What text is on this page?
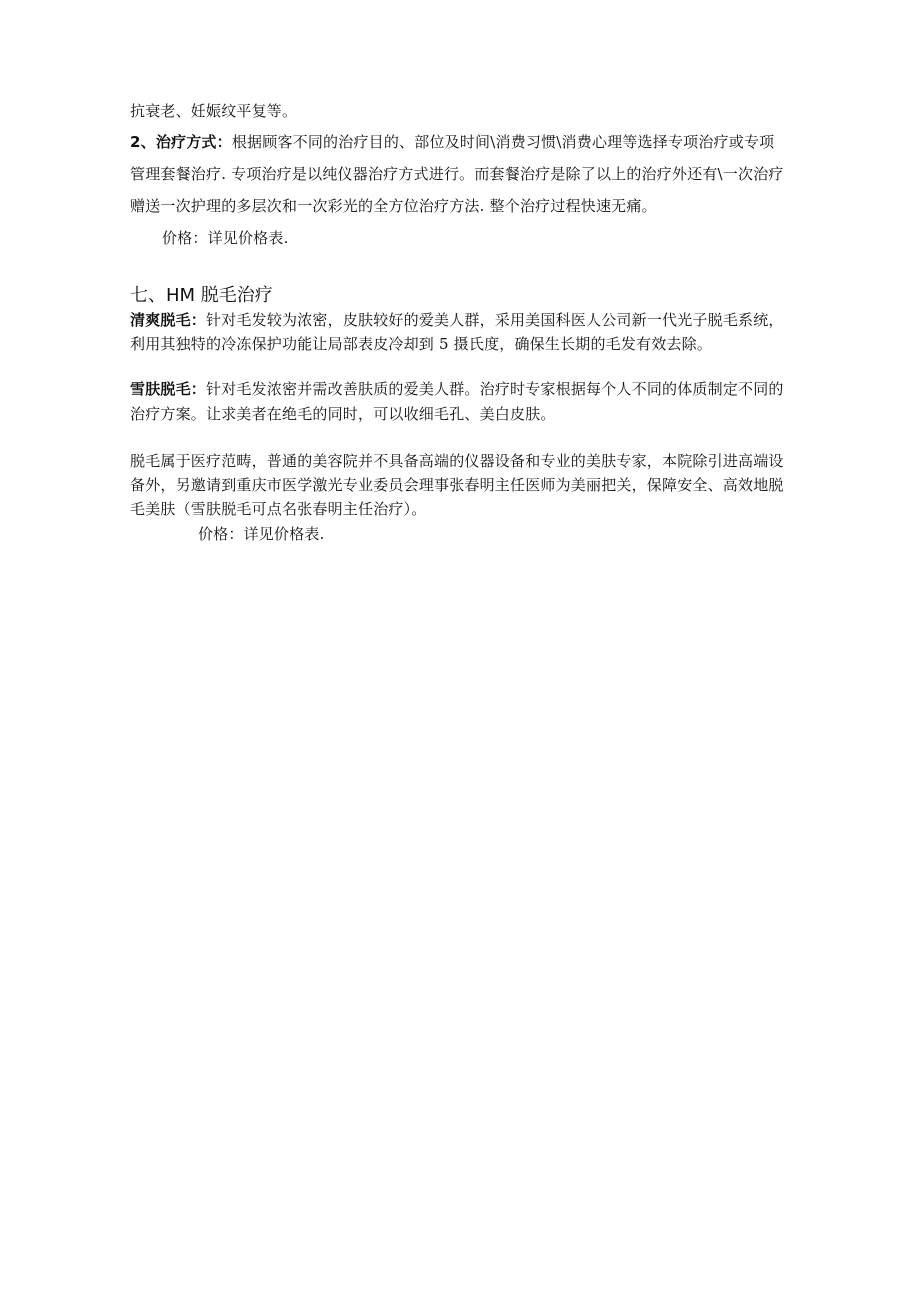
抗衰老、妊娠纹平复等。
2、治疗方式：根据顾客不同的治疗目的、部位及时间\消费习惯\消费心理等选择专项治疗或专项
管理套餐治疗. 专项治疗是以纯仪器治疗方式进行。而套餐治疗是除了以上的治疗外还有\一次治疗
赠送一次护理的多层次和一次彩光的全方位治疗方法. 整个治疗过程快速无痛。
价格：详见价格表.
七、HM 脱毛治疗
清爽脱毛：针对毛发较为浓密，皮肤较好的爱美人群，采用美国科医人公司新一代光子脱毛系统，
利用其独特的冷冻保护功能让局部表皮冷却到 5 摄氏度，确保生长期的毛发有效去除。
雪肤脱毛：针对毛发浓密并需改善肤质的爱美人群。治疗时专家根据每个人不同的体质制定不同的
治疗方案。让求美者在绝毛的同时，可以收细毛孔、美白皮肤。
脱毛属于医疗范畴，普通的美容院并不具备高端的仪器设备和专业的美肤专家，本院除引进高端设
备外，另邀请到重庆市医学激光专业委员会理事张春明主任医师为美丽把关，保障安全、高效地脱
毛美肤（雪肤脱毛可点名张春明主任治疗）。
价格：详见价格表.
